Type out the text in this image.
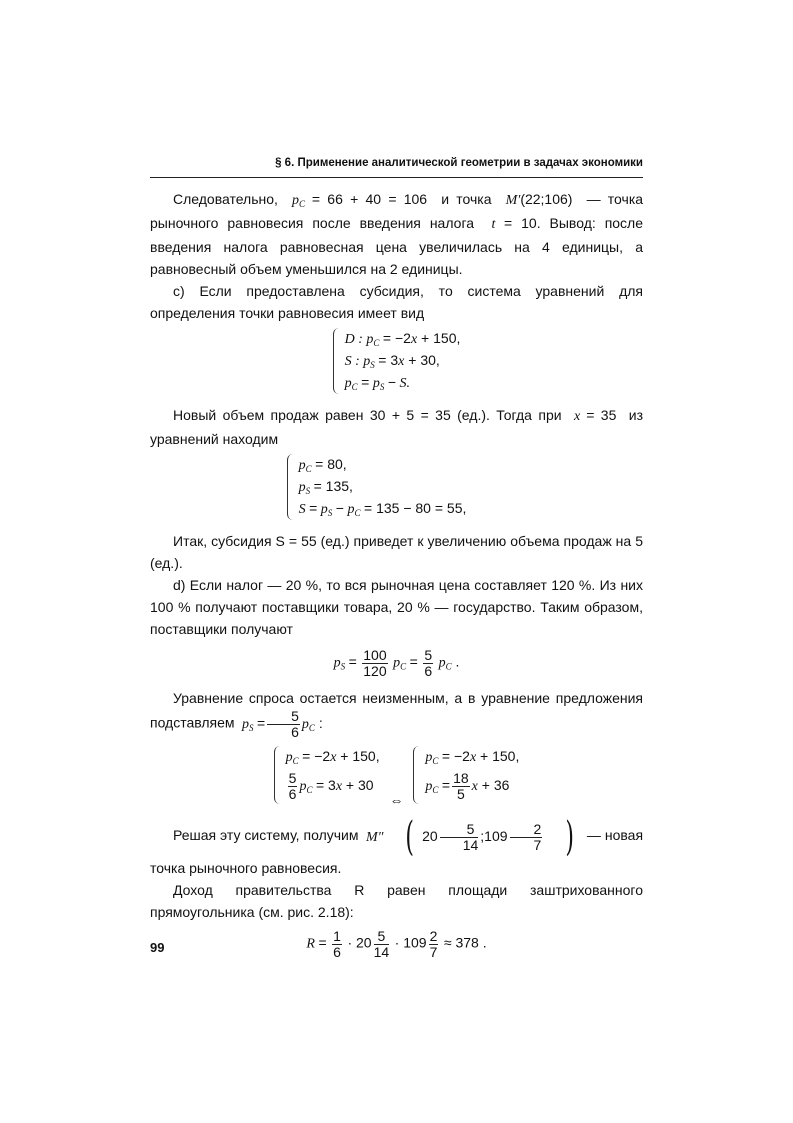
§ 6. Применение аналитической геометрии в задачах экономики

Следовательно,  $p_C = 66 + 40 = 106$ и точка  M′(22;106) — точка рыночного равновесия после введения налога  t = 10. Вывод: после введения налога равновесная цена увеличилась на 4 единицы, а равновесный объем уменьшился на 2 единицы.

c) Если предоставлена субсидия, то система уравнений для определения точки равновесия имеет вид

D : $p_C = -2x + 150$,
S : $p_S = 3x + 30$,
$p_C = p_S - S$.

Новый объем продаж равен 30 + 5 = 35 (ед.). Тогда при  x = 35 из уравнений находим

$p_C = 80$,
$p_S = 135$,
$S = p_S - p_C = 135 - 80 = 55$,

Итак, субсидия S = 55 (ед.) приведет к увеличению объема продаж на 5 (ед.).

d) Если налог — 20 %, то вся рыночная цена составляет 120 %. Из них 100 % получают поставщики товара, 20 % — государство. Таким образом, поставщики получают

$p_S = \frac{100}{120} p_C = \frac{5}{6} p_C$ .

Уравнение спроса остается неизменным, а в уравнение предложения подставляем  $p_S = \frac{5}{6} p_C$ :

$p_C = -2x + 150$,
$\frac{5}{6} p_C = 3x + 30$
⇔
$p_C = -2x + 150$,
$p_C = \frac{18}{5}$ x + 36

Решая эту систему, получим  M″ ( $20 \frac{5}{14}$ ;109 $\frac{2}{7}$ ) — новая точка рыночного равновесия.

Доход правительства R равен площади заштрихованного прямоугольника (см. рис. 2.18):

$R = \frac{1}{6} \cdot 20 \frac{5}{14} \cdot 109 \frac{2}{7} \approx 378$ .
99
